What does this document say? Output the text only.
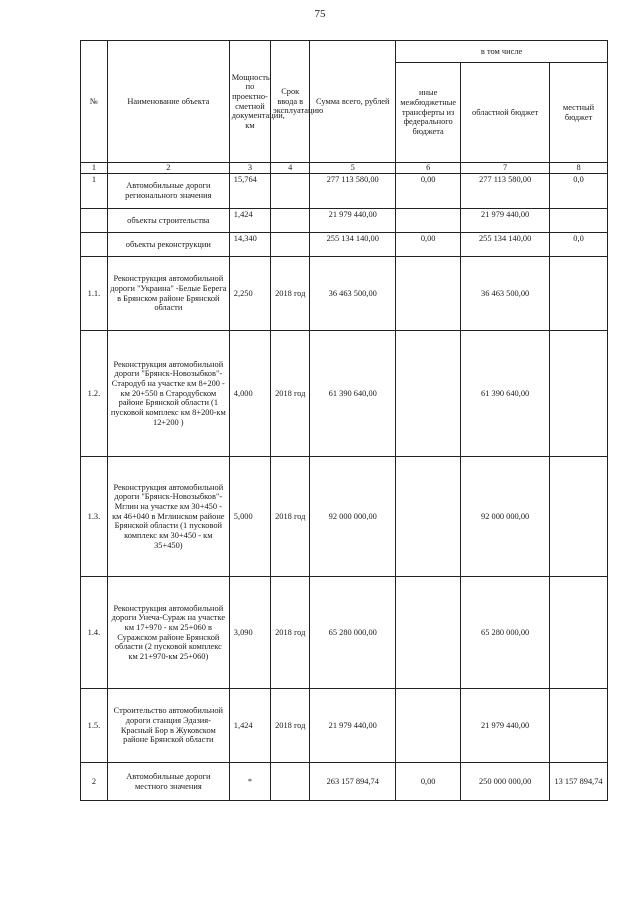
75
№	Наименование объекта	Мощность по проектно-сметной документации, км	Срок ввода в эксплуатацию	Сумма всего, рублей	в том числе		
					иные межбюджетные трансферты из федерального бюджета	областной бюджет	местный бюджет
1	2	3	4	5	6	7	8
1	Автомобильные дороги регионального значения	15,764		277 113 580,00	0,00	277 113 580,00	0,0
	объекты строительства	1,424		21 979 440,00		21 979 440,00	
	объекты реконструкции	14,340		255 134 140,00	0,00	255 134 140,00	0,0
1.1.	Реконструкция автомобильной дороги "Украина" -Белые Берега в Брянском районе Брянской области	2,250	2018 год	36 463 500,00		36 463 500,00	
1.2.	Реконструкция автомобильной дороги "Брянск-Новозыбков"-Стародуб на участке км 8+200 - км 20+550 в Стародубском районе Брянской области (1 пусковой комплекс км 8+200-км 12+200 )	4,000	2018 год	61 390 640,00		61 390 640,00	
1.3.	Реконструкция автомобильной дороги "Брянск-Новозыбков"-Мглин на участке км 30+450 - км 46+040 в Мглинском районе Брянской области (1 пусковой комплекс км 30+450 - км 35+450)	5,000	2018 год	92 000 000,00		92 000 000,00	
1.4.	Реконструкция автомобильной дороги Унеча-Сураж на участке км 17+970 - км 25+060 в Суражском районе Брянской области (2 пусковой комплекс км 21+970-км 25+060)	3,090	2018 год	65 280 000,00		65 280 000,00	
1.5.	Строительство автомобильной дороги станция Эдазия-Красный Бор в Жуковском районе Брянской области	1,424	2018 год	21 979 440,00		21 979 440,00	
2	Автомобильные дороги местного значения	*		263 157 894,74	0,00	250 000 000,00	13 157 894,74
